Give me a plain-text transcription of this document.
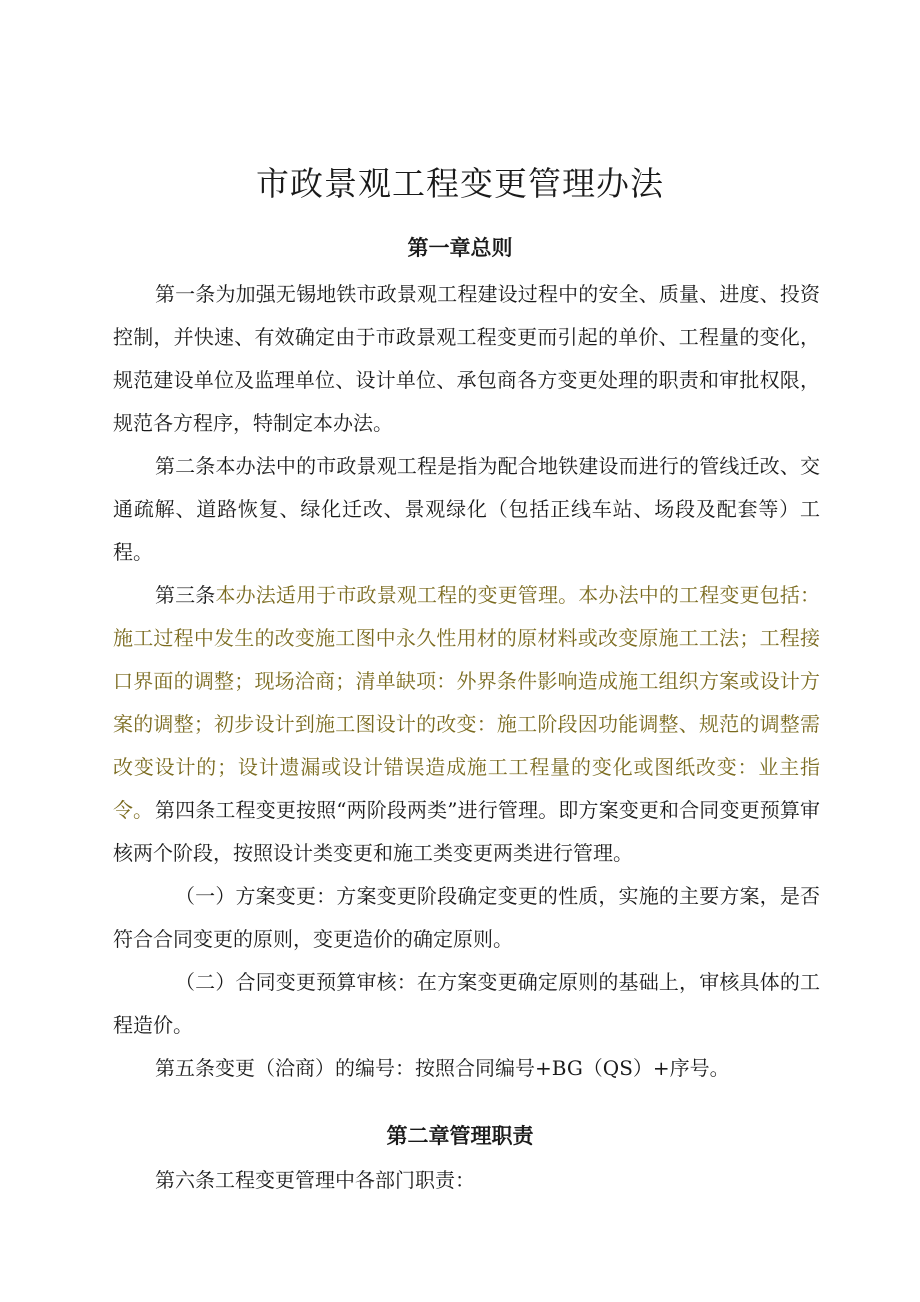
市政景观工程变更管理办法
第一章总则

第一条为加强无锡地铁市政景观工程建设过程中的安全、质量、进度、投资控制，并快速、有效确定由于市政景观工程变更而引起的单价、工程量的变化，规范建设单位及监理单位、设计单位、承包商各方变更处理的职责和审批权限，规范各方程序，特制定本办法。

第二条本办法中的市政景观工程是指为配合地铁建设而进行的管线迁改、交通疏解、道路恢复、绿化迁改、景观绿化（包括正线车站、场段及配套等）工程。

第三条本办法适用于市政景观工程的变更管理。本办法中的工程变更包括：施工过程中发生的改变施工图中永久性用材的原材料或改变原施工工法；工程接口界面的调整；现场洽商；清单缺项：外界条件影响造成施工组织方案或设计方案的调整；初步设计到施工图设计的改变：施工阶段因功能调整、规范的调整需改变设计的；设计遗漏或设计错误造成施工工程量的变化或图纸改变：业主指令。 第四条工程变更按照“两阶段两类”进行管理。即方案变更和合同变更预算审核两个阶段，按照设计类变更和施工类变更两类进行管理。

（一）方案变更：方案变更阶段确定变更的性质，实施的主要方案，是否符合合同变更的原则，变更造价的确定原则。

（二）合同变更预算审核：在方案变更确定原则的基础上，审核具体的工程造价。

第五条变更（洽商）的编号：按照合同编号+BG（QS）+序号。

第二章管理职责

第六条工程变更管理中各部门职责：
